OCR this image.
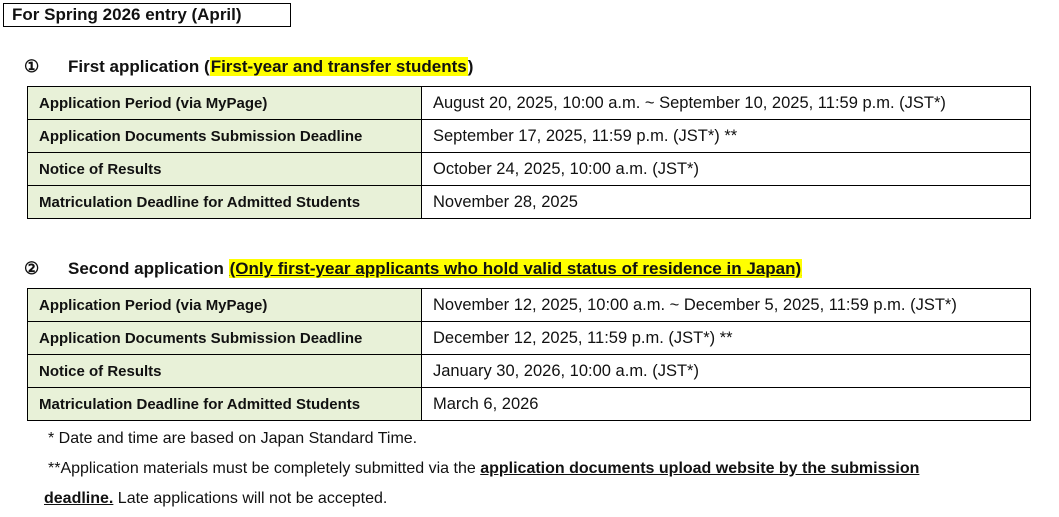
For Spring 2026 entry (April)
① First application (First-year and transfer students)
Application Period (via MyPage)	August 20, 2025, 10:00 a.m. ~ September 10, 2025, 11:59 p.m. (JST*)
Application Documents Submission Deadline	September 17, 2025, 11:59 p.m. (JST*) **
Notice of Results	October 24, 2025, 10:00 a.m. (JST*)
Matriculation Deadline for Admitted Students	November 28, 2025
② Second application (Only first-year applicants who hold valid status of residence in Japan)
Application Period (via MyPage)	November 12, 2025, 10:00 a.m. ~ December 5, 2025, 11:59 p.m. (JST*)
Application Documents Submission Deadline	December 12, 2025, 11:59 p.m. (JST*) **
Notice of Results	January 30, 2026, 10:00 a.m. (JST*)
Matriculation Deadline for Admitted Students	March 6, 2026
* Date and time are based on Japan Standard Time.
**Application materials must be completely submitted via the application documents upload website by the submission
deadline. Late applications will not be accepted.
